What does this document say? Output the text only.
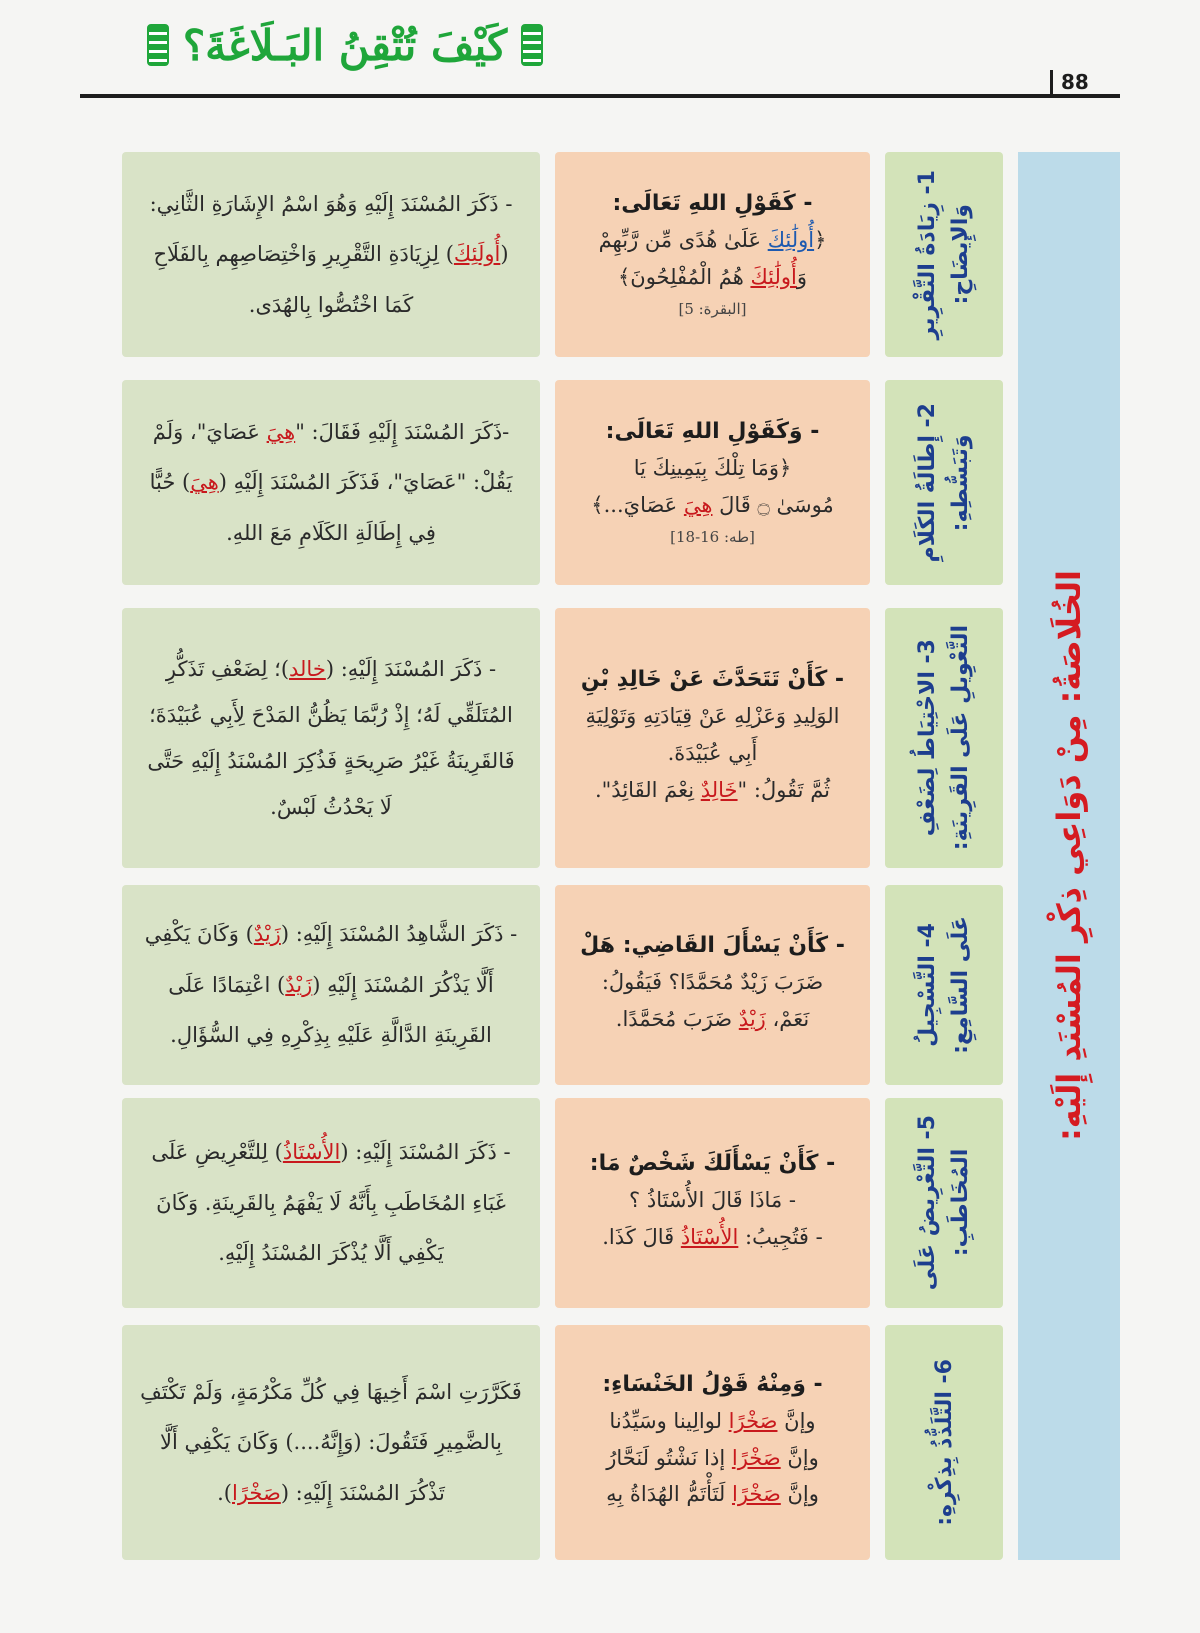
كَيْفَ تُتْقِنُ البَـلَاغَةَ؟
88
الخُلَاصَةُ: مِنْ دَوَاعِي ذِكْرِ المُسْنَدِ إِلَيْهِ:
1- زِيَادَةُ التَّقْرِيرِ
وَالإِيضَاحِ:
- كَقَوْلِ اللهِ تَعَالَى:
﴿أُولَٰئِكَ عَلَىٰ هُدًى مِّن رَّبِّهِمْ
وَأُولَٰئِكَ هُمُ الْمُفْلِحُونَ﴾
[البقرة: 5]
- ذَكَرَ المُسْنَدَ إِلَيْهِ وَهُوَ اسْمُ الإِشَارَةِ الثَّانِي: (أُولَئِكَ) لِزِيَادَةِ التَّقْرِيرِ وَاخْتِصَاصِهِم بِالفَلَاحِ كَمَا اخْتُصُّوا بِالهُدَى.
2- إِطَالَةُ الكَلَامِ
وَتَبَسُّطِهِ:
- وَكَقَوْلِ اللهِ تَعَالَى:
﴿وَمَا تِلْكَ بِيَمِينِكَ يَا
مُوسَىٰ ۝ قَالَ هِيَ عَصَايَ...﴾
[طه: 16-18]
-ذَكَرَ المُسْنَدَ إِلَيْهِ فَقَالَ: "هِيَ عَصَايَ"، وَلَمْ يَقُلْ: "عَصَايَ"، فَذَكَرَ المُسْنَدَ إِلَيْهِ (هِيَ) حُبًّا فِي إِطَالَةِ الكَلَامِ مَعَ اللهِ.
3- الاحْتِيَاطُ لِضَعْفِ
التَّعْوِيلِ عَلَى القَرِينَةِ:
- كَأَنْ تَتَحَدَّثَ عَنْ خَالِدِ بْنِ
الوَلِيدِ وَعَزْلِهِ عَنْ قِيَادَتِهِ وَتَوْلِيَةِ
أَبِي عُبَيْدَةَ.
ثُمَّ تَقُولُ: "خَالِدٌ نِعْمَ القَائِدُ".
- ذَكَرَ المُسْنَدَ إِلَيْهِ: (خالد)؛ لِضَعْفِ تَذَكُّرِ المُتَلَقِّي لَهُ؛ إِذْ رُبَّمَا يَظُنُّ المَدْحَ لِأَبِي عُبَيْدَةَ؛ فَالقَرِينَةُ غَيْرُ صَرِيحَةٍ فَذُكِرَ المُسْنَدُ إِلَيْهِ حَتَّى لَا يَحْدُثُ لَبْسٌ.
4- التَّسْجِيلُ
عَلَى السَّامِعِ:
- كَأَنْ يَسْأَلَ القَاضِي: هَلْ
ضَرَبَ زَيْدٌ مُحَمَّدًا؟ فَيَقُولُ:
نَعَمْ، زَيْدٌ ضَرَبَ مُحَمَّدًا.
- ذَكَرَ الشَّاهِدُ المُسْنَدَ إِلَيْهِ: (زَيْدٌ) وَكَانَ يَكْفِي أَلَّا يَذْكُرَ المُسْنَدَ إِلَيْهِ (زَيْدٌ) اعْتِمَادًا عَلَى القَرِينَةِ الدَّالَّةِ عَلَيْهِ بِذِكْرِهِ فِي السُّؤَالِ.
5- التَّعْرِيضُ عَلَى
المُخَاطَبِ:
- كَأَنْ يَسْأَلَكَ شَخْصٌ مَا:
- مَاذَا قَالَ الأُسْتَاذُ ؟
- فَتُجِيبُ: الأُسْتَاذُ قَالَ كَذَا.
- ذَكَرَ المُسْنَدَ إِلَيْهِ: (الأُسْتَاذُ) لِلتَّعْرِيضِ عَلَى غَبَاءِ المُخَاطَبِ بِأَنَّهُ لَا يَفْهَمُ بِالقَرِينَةِ. وَكَانَ يَكْفِي أَلَّا يُذْكَرَ المُسْنَدُ إِلَيْهِ.
6- التَّلَذُّذُ بِذِكْرِهِ:
- وَمِنْهُ قَوْلُ الخَنْسَاءِ:
وإنَّ صَخْرًا لوالِينا وسَيِّدُنا
وإنَّ صَخْرًا إذا نَشْتُو لَنَحَّارُ
وإنَّ صَخْرًا لَتَأْتَمُّ الهُدَاةُ بِهِ
فَكَرَّرَتِ اسْمَ أَخِيهَا فِي كُلِّ مَكْرُمَةٍ، وَلَمْ تَكْتَفِ بِالضَّمِيرِ فَتَقُولَ: (وَإِنَّهُ....) وَكَانَ يَكْفِي أَلَّا تَذْكُرَ المُسْنَدَ إِلَيْهِ: (صَخْرًا).
